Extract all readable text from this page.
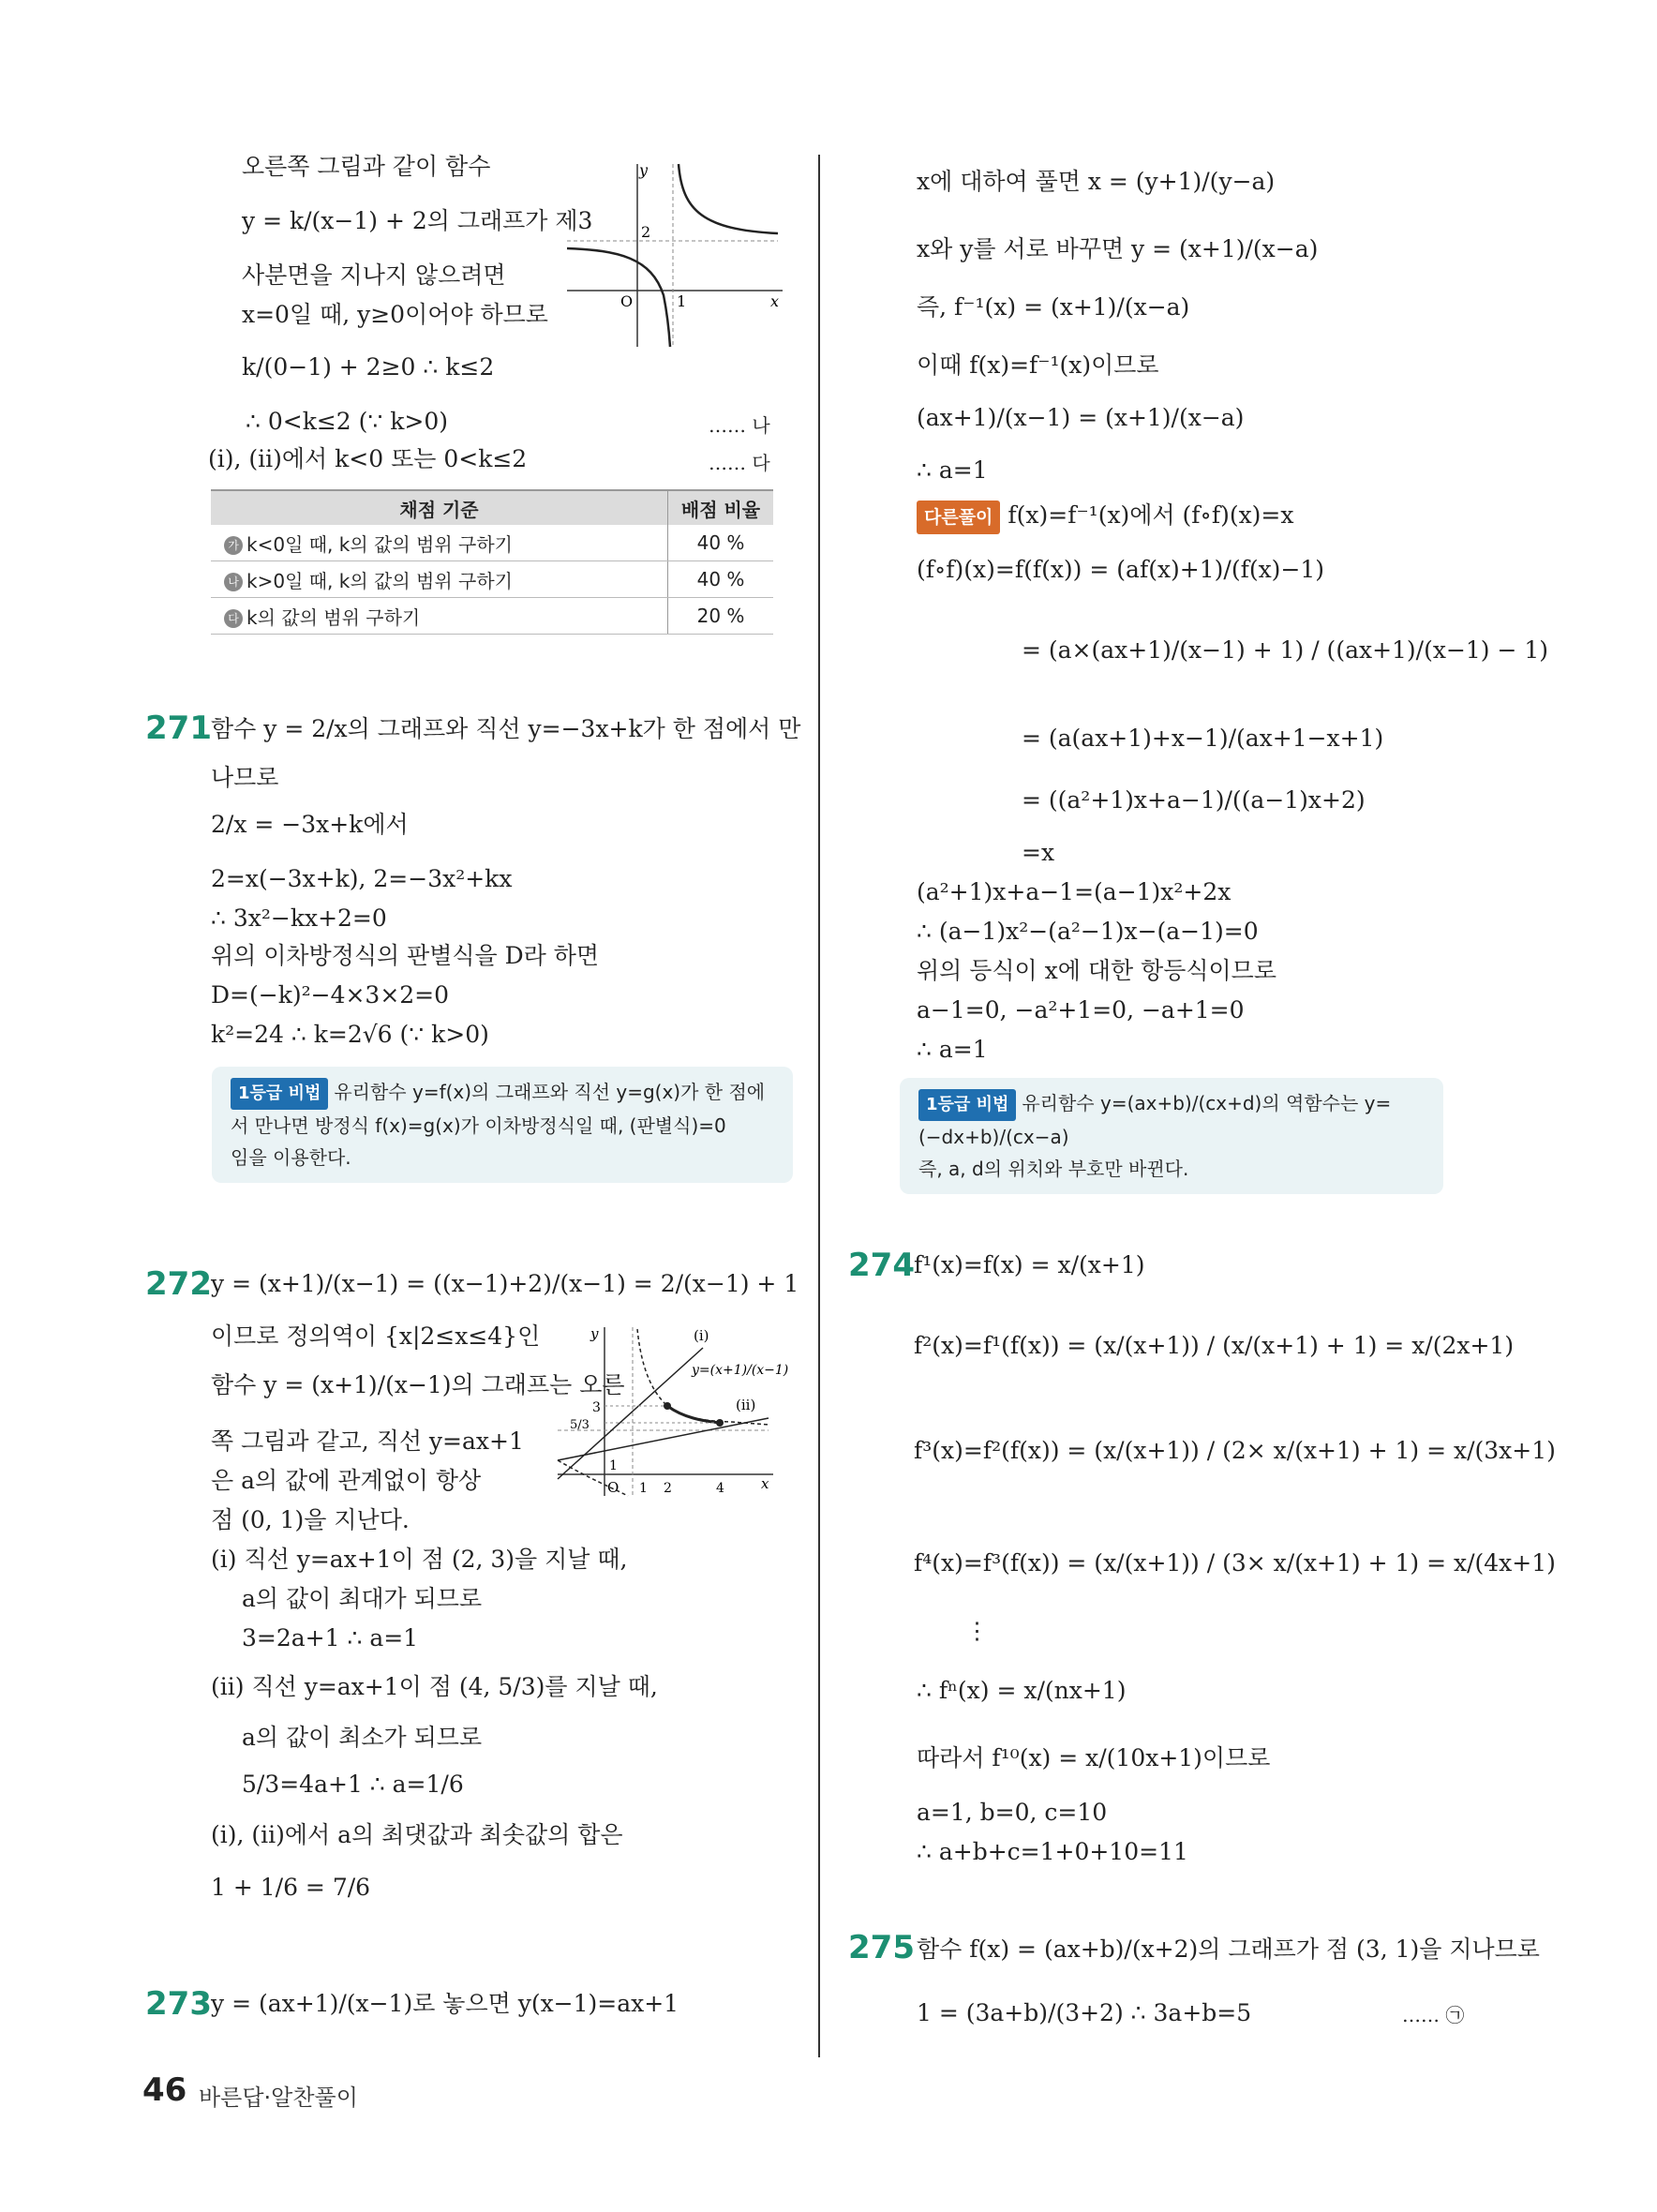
오른쪽 그림과 같이 함수
y = k/(x−1) + 2의 그래프가 제3
사분면을 지나지 않으려면
x=0일 때, y≥0이어야 하므로
k/(0−1) + 2≥0 ∴ k≤2
∴ 0<k≤2 (∵ k>0)
(i), (ii)에서 k<0 또는 0<k≤2
…… 나
…… 다
y
x
O	1
2
채점 기준	배점 비율
가 k<0일 때, k의 값의 범위 구하기	40 %
나 k>0일 때, k의 값의 범위 구하기	40 %
다 k의 값의 범위 구하기	20 %
271 함수 y = 2/x의 그래프와 직선 y=−3x+k가 한 점에서 만
나므로
2/x = −3x+k에서
2=x(−3x+k), 2=−3x²+kx
∴ 3x²−kx+2=0
위의 이차방정식의 판별식을 D라 하면
D=(−k)²−4×3×2=0
k²=24 ∴ k=2√6 (∵ k>0)
1등급 비법 유리함수 y=f(x)의 그래프와 직선 y=g(x)가 한 점에
서 만나면 방정식 f(x)=g(x)가 이차방정식일 때, (판별식)=0
임을 이용한다.
272 y = (x+1)/(x−1) = ((x−1)+2)/(x−1) = 2/(x−1) + 1
이므로 정의역이 {x|2≤x≤4}인
함수 y = (x+1)/(x−1)의 그래프는 오른
쪽 그림과 같고, 직선 y=ax+1
은 a의 값에 관계없이 항상
점 (0, 1)을 지난다.
(i) 직선 y=ax+1이 점 (2, 3)을 지날 때,
a의 값이 최대가 되므로
3=2a+1 ∴ a=1
(ii) 직선 y=ax+1이 점 (4, 5/3)를 지날 때,
a의 값이 최소가 되므로
5/3=4a+1 ∴ a=1/6
(i), (ii)에서 a의 최댓값과 최솟값의 합은
1 + 1/6 = 7/6
y
x
O
(i)
(ii)
y=(x+1)/(x−1)
3
5/3
1
1 2	4
273 y = (ax+1)/(x−1)로 놓으면 y(x−1)=ax+1
x에 대하여 풀면 x = (y+1)/(y−a)
x와 y를 서로 바꾸면 y = (x+1)/(x−a)
즉, f⁻¹(x) = (x+1)/(x−a)
이때 f(x)=f⁻¹(x)이므로
(ax+1)/(x−1) = (x+1)/(x−a)
∴ a=1
다른풀이 f(x)=f⁻¹(x)에서 (f∘f)(x)=x
(f∘f)(x)=f(f(x)) = (af(x)+1)/(f(x)−1)
= (a×(ax+1)/(x−1) + 1) / ((ax+1)/(x−1) − 1)
= (a(ax+1)+x−1)/(ax+1−x+1)
= ((a²+1)x+a−1)/((a−1)x+2)
=x
(a²+1)x+a−1=(a−1)x²+2x
∴ (a−1)x²−(a²−1)x−(a−1)=0
위의 등식이 x에 대한 항등식이므로
a−1=0, −a²+1=0, −a+1=0
∴ a=1
1등급 비법 유리함수 y=(ax+b)/(cx+d)의 역함수는 y=(−dx+b)/(cx−a)
즉, a, d의 위치와 부호만 바뀐다.
274 f¹(x)=f(x) = x/(x+1)
f²(x)=f¹(f(x)) = (x/(x+1)) / (x/(x+1) + 1) = x/(2x+1)
f³(x)=f²(f(x)) = (x/(x+1)) / (2× x/(x+1) + 1) = x/(3x+1)
f⁴(x)=f³(f(x)) = (x/(x+1)) / (3× x/(x+1) + 1) = x/(4x+1)
⋮
∴ fⁿ(x) = x/(nx+1)
따라서 f¹⁰(x) = x/(10x+1)이므로
a=1, b=0, c=10
∴ a+b+c=1+0+10=11
275 함수 f(x) = (ax+b)/(x+2)의 그래프가 점 (3, 1)을 지나므로
1 = (3a+b)/(3+2) ∴ 3a+b=5	…… ㉠
46 바른답·알찬풀이
